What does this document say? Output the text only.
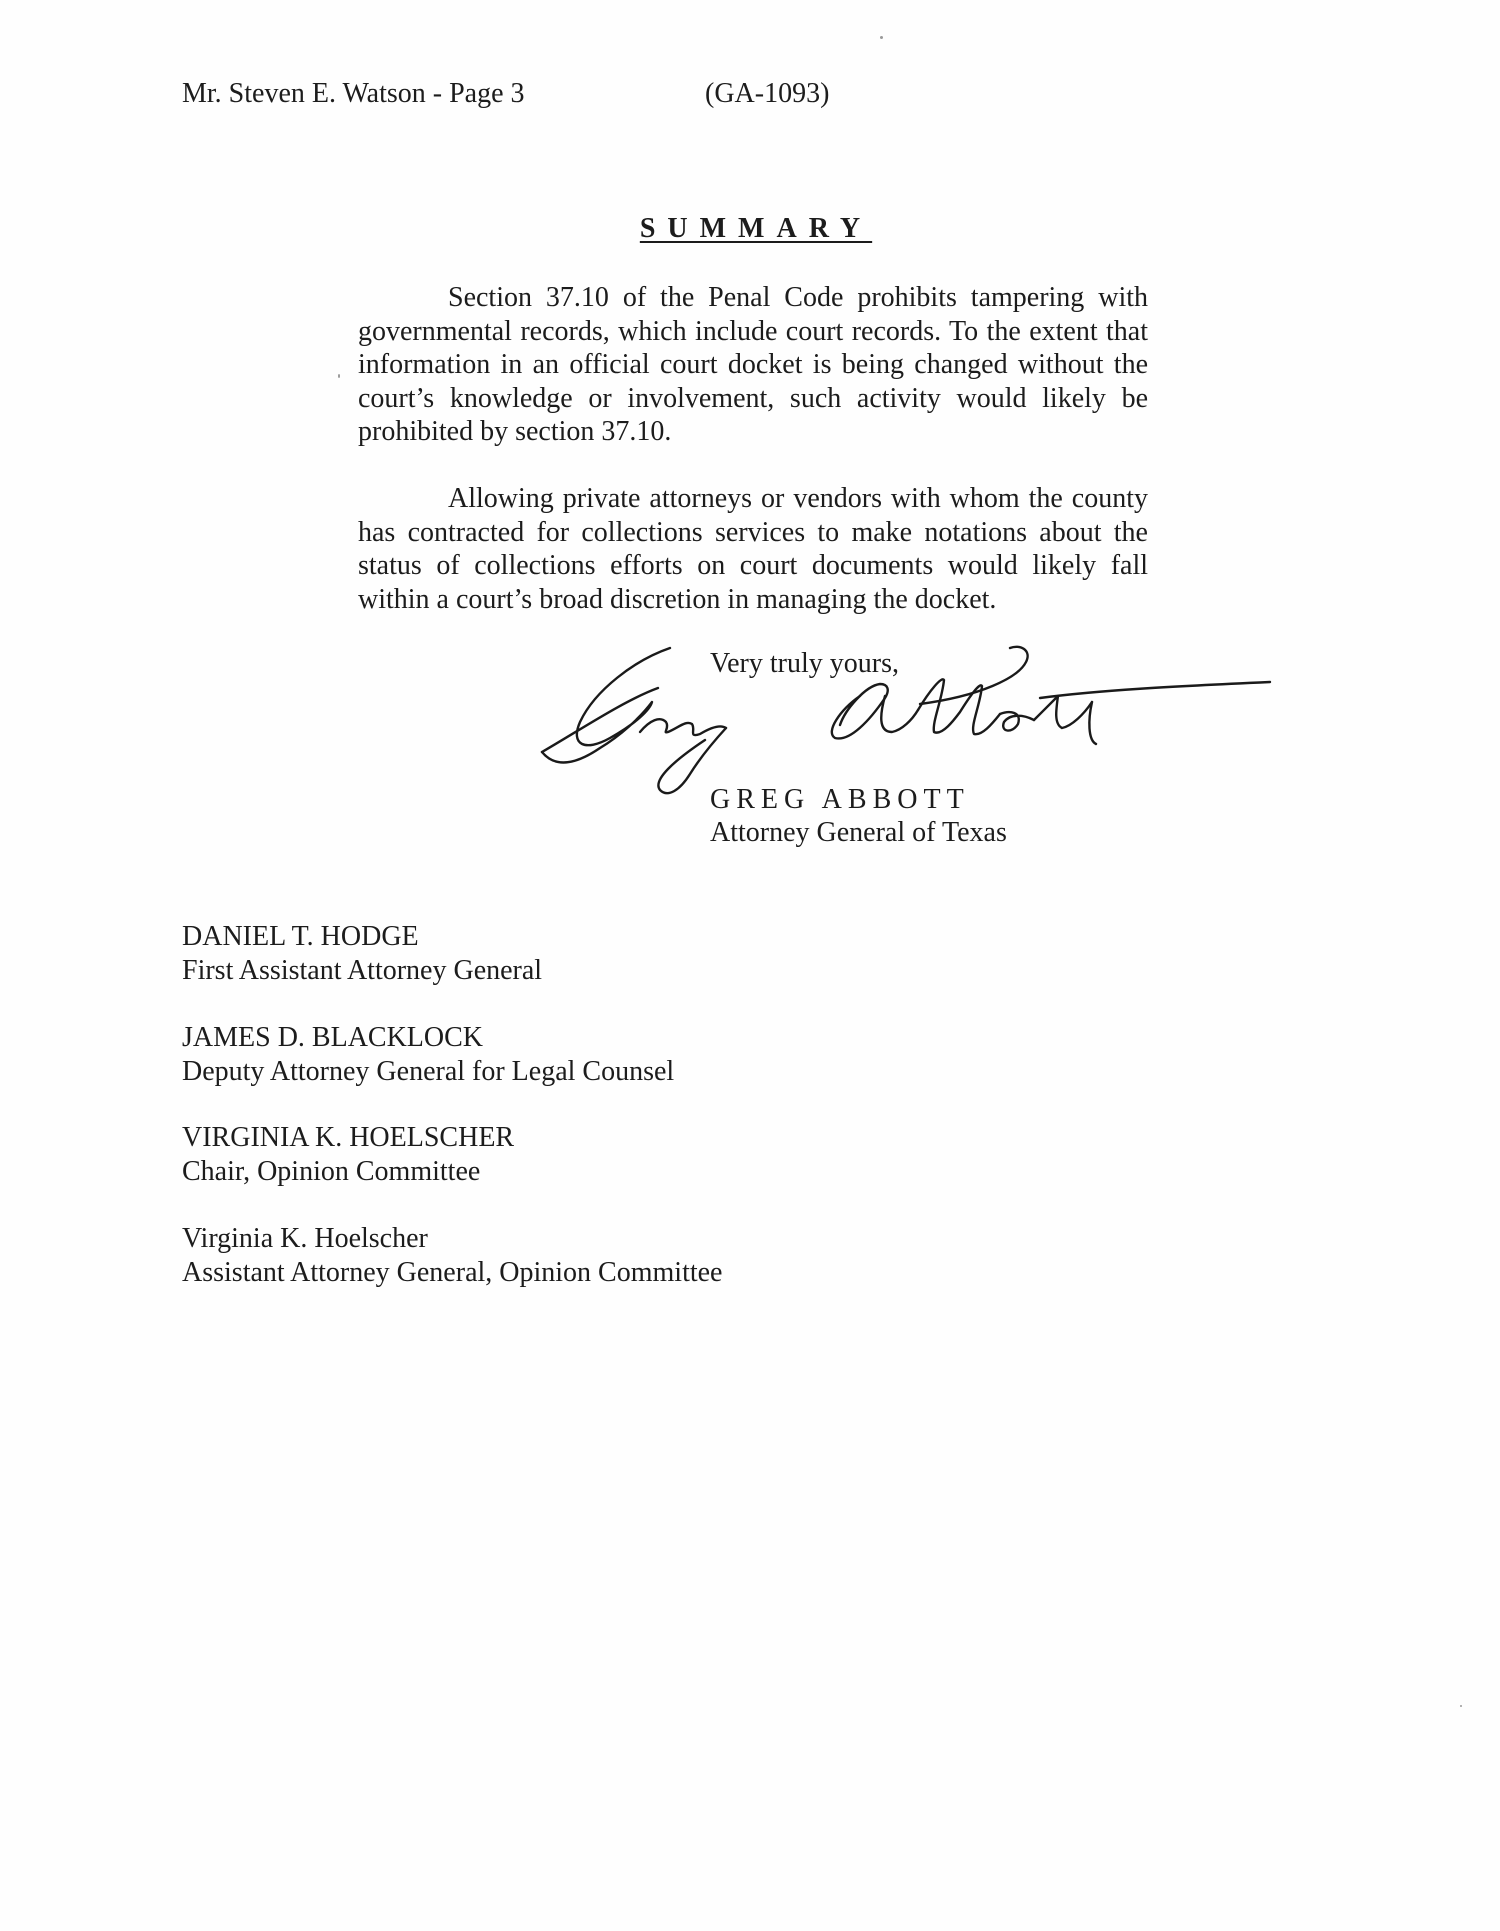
Mr. Steven E. Watson - Page 3	(GA-1093)
SUMMARY

Section 37.10 of the Penal Code prohibits tampering with governmental records, which include court records. To the extent that information in an official court docket is being changed without the court’s knowledge or involvement, such activity would likely be prohibited by section 37.10.

Allowing private attorneys or vendors with whom the county has contracted for collections services to make notations about the status of collections efforts on court documents would likely fall within a court’s broad discretion in managing the docket.

Very truly yours,
GREG ABBOTT
Attorney General of Texas
DANIEL T. HODGE
First Assistant Attorney General
JAMES D. BLACKLOCK
Deputy Attorney General for Legal Counsel
VIRGINIA K. HOELSCHER
Chair, Opinion Committee
Virginia K. Hoelscher
Assistant Attorney General, Opinion Committee
